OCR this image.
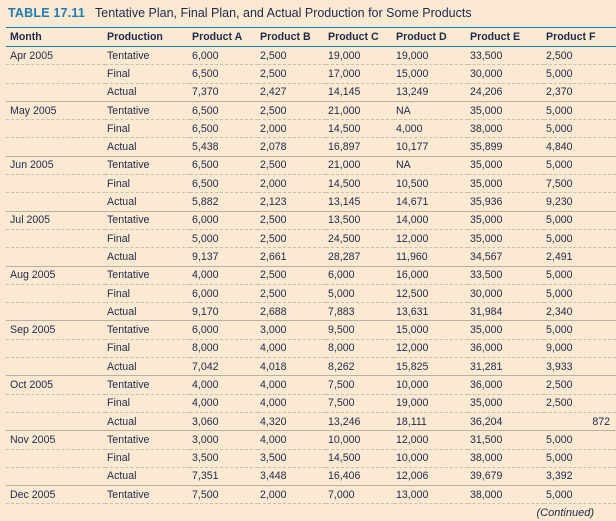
TABLE 17.11 Tentative Plan, Final Plan, and Actual Production for Some Products
Month	Production	Product A	Product B	Product C	Product D	Product E	Product F
Apr 2005	Tentative	6,000	2,500	19,000	19,000	33,500	2,500
	Final	6,500	2,500	17,000	15,000	30,000	5,000
	Actual	7,370	2,427	14,145	13,249	24,206	2,370
May 2005	Tentative	6,500	2,500	21,000	NA	35,000	5,000
	Final	6,500	2,000	14,500	4,000	38,000	5,000
	Actual	5,438	2,078	16,897	10,177	35,899	4,840
Jun 2005	Tentative	6,500	2,500	21,000	NA	35,000	5,000
	Final	6,500	2,000	14,500	10,500	35,000	7,500
	Actual	5,882	2,123	13,145	14,671	35,936	9,230
Jul 2005	Tentative	6,000	2,500	13,500	14,000	35,000	5,000
	Final	5,000	2,500	24,500	12,000	35,000	5,000
	Actual	9,137	2,661	28,287	11,960	34,567	2,491
Aug 2005	Tentative	4,000	2,500	6,000	16,000	33,500	5,000
	Final	6,000	2,500	5,000	12,500	30,000	5,000
	Actual	9,170	2,688	7,883	13,631	31,984	2,340
Sep 2005	Tentative	6,000	3,000	9,500	15,000	35,000	5,000
	Final	8,000	4,000	8,000	12,000	36,000	9,000
	Actual	7,042	4,018	8,262	15,825	31,281	3,933
Oct 2005	Tentative	4,000	4,000	7,500	10,000	36,000	2,500
	Final	4,000	4,000	7,500	19,000	35,000	2,500
	Actual	3,060	4,320	13,246	18,111	36,204	872
Nov 2005	Tentative	3,000	4,000	10,000	12,000	31,500	5,000
	Final	3,500	3,500	14,500	10,000	38,000	5,000
	Actual	7,351	3,448	16,406	12,006	39,679	3,392
Dec 2005	Tentative	7,500	2,000	7,000	13,000	38,000	5,000
(Continued)
